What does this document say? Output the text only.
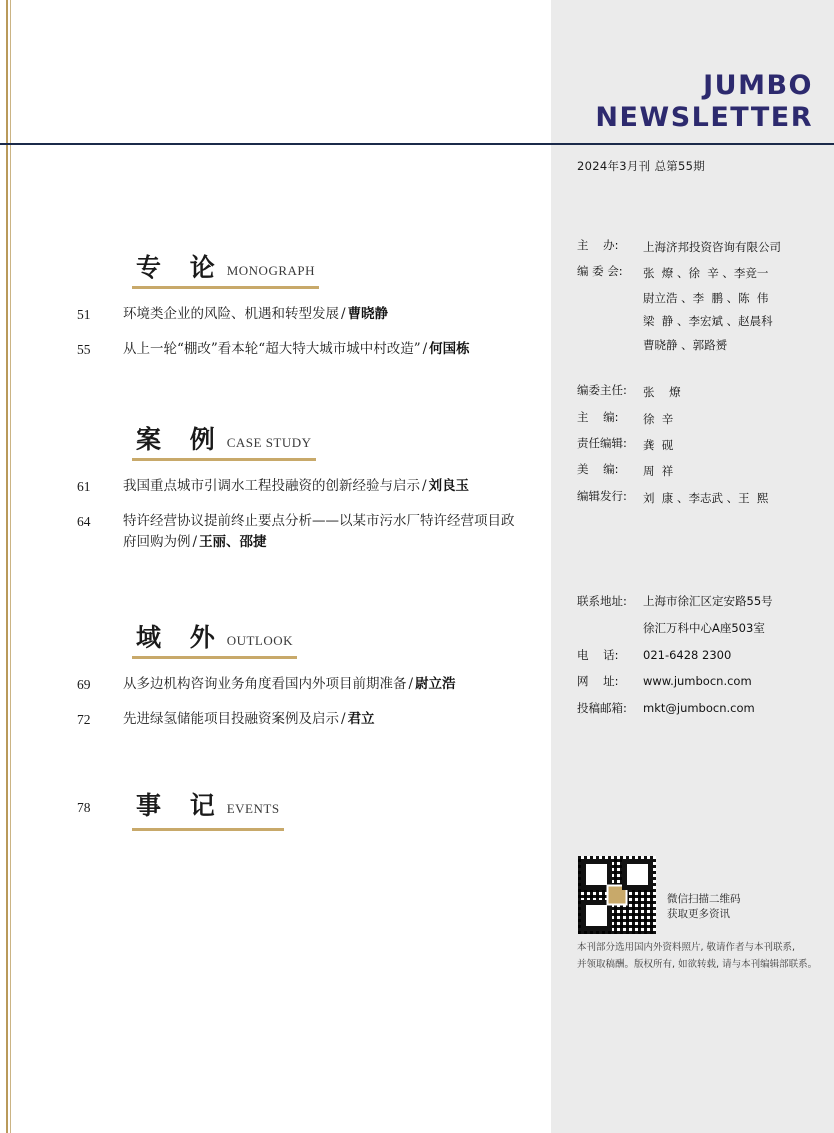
专 论 MONOGRAPH
51	环境类企业的风险、机遇和转型发展 / 曹晓静
55	从上一轮“棚改”看本轮“超大特大城市城中村改造” / 何国栋
案 例 CASE STUDY
61	我国重点城市引调水工程投融资的创新经验与启示 / 刘良玉
64	特许经营协议提前终止要点分析——以某市污水厂特许经营项目政府回购为例 / 王丽、邵捷
域 外 OUTLOOK
69	从多边机构咨询业务角度看国内外项目前期准备 / 尉立浩
72	先进绿氢储能项目投融资案例及启示 / 君立
78	事 记 EVENTS
JUMBO
NEWSLETTER
2024年3月刊 总第55期
主    办:	上海济邦投资咨询有限公司
编 委 会:	张  燎 、徐  辛 、李竞一
尉立浩 、李  鹏 、陈  伟
梁  静 、李宏斌 、赵晨科
曹晓静 、郭路赟
编委主任:	张    燎
主    编:	徐  辛
责任编辑:	龚  砚
美    编:	周  祥
编辑发行:	刘  康 、李志武 、王  熙
联系地址:	上海市徐汇区定安路55号
徐汇万科中心A座503室
电    话:	021-6428 2300
网    址:	www.jumbocn.com
投稿邮箱:	mkt@jumbocn.com
微信扫描二维码
获取更多资讯
本刊部分选用国内外资料照片, 敬请作者与本刊联系,
并领取稿酬。版权所有, 如欲转载, 请与本刊编辑部联系。
